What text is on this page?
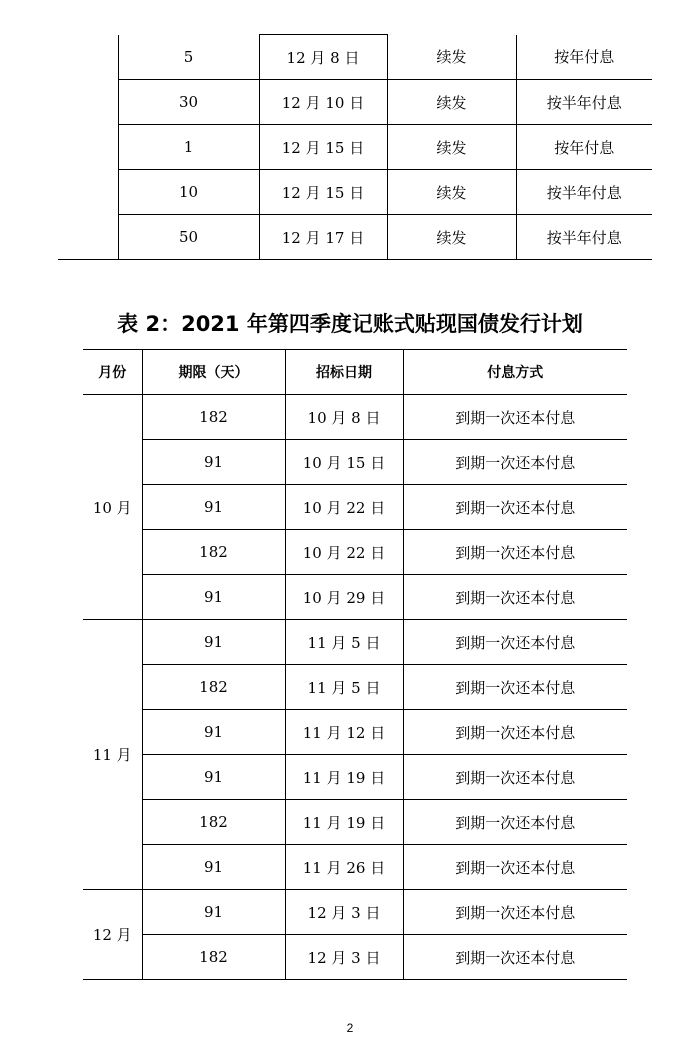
	5	12 月 8 日	续发	按年付息
	30	12 月 10 日	续发	按半年付息
	1	12 月 15 日	续发	按年付息
	10	12 月 15 日	续发	按半年付息
	50	12 月 17 日	续发	按半年付息
表 2：2021 年第四季度记账式贴现国债发行计划
月份	期限（天）	招标日期	付息方式
10 月	182	10 月 8 日	到期一次还本付息
	91	10 月 15 日	到期一次还本付息
	91	10 月 22 日	到期一次还本付息
	182	10 月 22 日	到期一次还本付息
	91	10 月 29 日	到期一次还本付息
11 月	91	11 月 5 日	到期一次还本付息
	182	11 月 5 日	到期一次还本付息
	91	11 月 12 日	到期一次还本付息
	91	11 月 19 日	到期一次还本付息
	182	11 月 19 日	到期一次还本付息
	91	11 月 26 日	到期一次还本付息
12 月	91	12 月 3 日	到期一次还本付息
	182	12 月 3 日	到期一次还本付息
2
